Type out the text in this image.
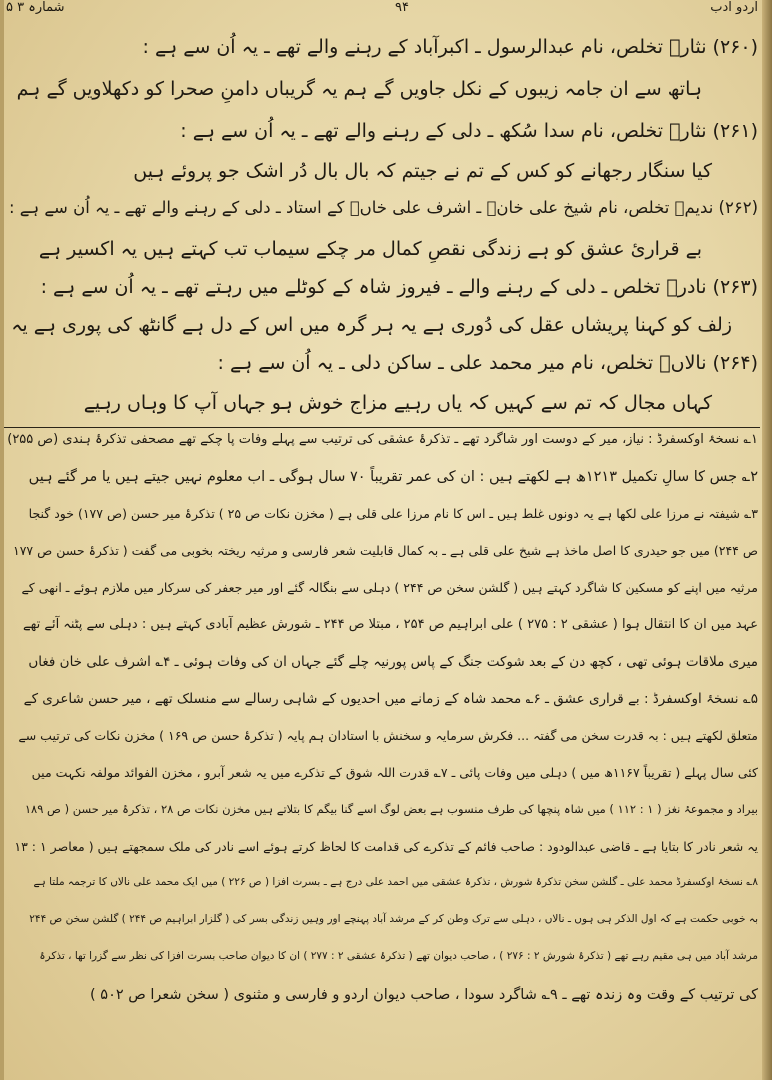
اُردو ادب
۹۴
شمارہ ۳ ۵
(۲۶۰) نثارؔ تخلص، نام عبدالرسول ـ اکبرآباد کے رہنے والے تھے ـ یہ اُن سے ہے :
ہاتھ سے ان جامہ زیبوں کے نکل جاویں گے ہم یہ گریباں دامنِ صحرا کو دکھلاویں گے ہم
(۲۶۱) نثارؔ تخلص، نام سدا سُکھ ـ دلی کے رہنے والے تھے ـ یہ اُن سے ہے :
کیا سنگار رجھانے کو کس کے تم نے جیتم کہ بال بال دُر اشک جو پروئے ہیں
(۲۶۲) ندیمؔ تخلص، نام شیخ علی خانؔ ـ اشرف علی خاںؔ کے استاد ـ دلی کے رہنے والے تھے ـ یہ اُن سے ہے :
بے قراریٔ عشق کو ہے زندگی نقصِ کمال مر چکے سیماب تب کہتے ہیں یہ اکسیر ہے
(۲۶۳) نادرؔ تخلص ـ دلی کے رہنے والے ـ فیروز شاہ کے کوٹلے میں رہتے تھے ـ یہ اُن سے ہے :
زلف کو کہنا پریشاں عقل کی دُوری ہے یہ ہر گرہ میں اس کے دل ہے گانٹھ کی پوری ہے یہ
(۲۶۴) نالاںؔ تخلص، نام میر محمد علی ـ ساکن دلی ـ یہ اُن سے ہے :
کہاں مجال کہ تم سے کہیں کہ یاں رہیے مزاج خوش ہو جہاں آپ کا وہاں رہیے
۱؎ نسخۂ اوکسفرڈ : نیاز، میر کے دوست اور شاگرد تھے ـ تذکرۂ عشقی کی ترتیب سے پہلے وفات پا چکے تھے مصحفی تذکرۂ ہندی (ص ۲۵۵)
۲؎ جس کا سالِ تکمیل ۱۲۱۳ھ ہے لکھتے ہیں : ان کی عمر تقریباً ۷۰ سال ہوگی ـ اب معلوم نہیں جیتے ہیں یا مر گئے ہیں
۳؎ شیفتہ نے مرزا علی لکھا ہے یہ دونوں غلط ہیں ـ اس کا نام مرزا علی قلی ہے ( مخزن نکات ص ۲۵ ) تذکرۂ میر حسن (ص ۱۷۷) خود گنجا
ص ۲۴۴) میں جو حیدری کا اصل ماخذ ہے شیخ علی قلی ہے ـ بہ کمال قابلیت شعر فارسی و مرثیہ ریختہ بخوبی می گفت ( تذکرۂ حسن ص ۱۷۷
مرثیہ میں اپنے کو مسکین کا شاگرد کہتے ہیں ( گلشن سخن ص ۲۴۴ ) دہلی سے بنگالہ گئے اور میر جعفر کی سرکار میں ملازم ہوئے ـ انھی کے
عہد میں ان کا انتقال ہوا ( عشقی ۲ : ۲۷۵ ) علی ابراہیم ص ۲۵۴ ، مبتلا ص ۲۴۴ ـ شورش عظیم آبادی کہتے ہیں : دہلی سے پٹنہ آئے تھے
میری ملاقات ہوئی تھی ، کچھ دن کے بعد شوکت جنگ کے پاس پورنیہ چلے گئے جہاں ان کی وفات ہوئی ـ ۴؎ اشرف علی خان فغاں
۵؎ نسخۂ اوکسفرڈ : بے قراری عشق ـ ۶؎ محمد شاہ کے زمانے میں احدیوں کے شاہی رسالے سے منسلک تھے ، میر حسن شاعری کے
متعلق لکھتے ہیں : بہ قدرت سخن می گفتہ ... فکرش سرمایہ و سخنش با استادان ہم پایہ ( تذکرۂ حسن ص ۱۶۹ ) مخزن نکات کی ترتیب سے
کئی سال پہلے ( تقریباً ۱۱۶۷ھ میں ) دہلی میں وفات پائی ـ ۷؎ قدرت اللہ شوق کے تذکرے میں یہ شعر آبرو ، مخزن الفوائد مولفہ نکہت میں
بیراد و مجموعۂ نغز ( ۱ : ۱۱۲ ) میں شاہ پنچھا کی طرف منسوب ہے بعض لوگ اسے گنا بیگم کا بتلاتے ہیں مخزن نکات ص ۲۸ ، تذکرۂ میر حسن ( ص ۱۸۹
یہ شعر نادر کا بتایا ہے ـ قاضی عبدالودود : صاحب فائم کے تذکرے کی قدامت کا لحاظ کرتے ہوئے اسے نادر کی ملک سمجھتے ہیں ( معاصر ۱ : ۱۳
۸؎ نسخۂ اوکسفرڈ محمد علی ـ گلشن سخن تذکرۂ شورش ، تذکرۂ عشقی میں احمد علی درج ہے ـ بسرت افزا ( ص ۲۲۶ ) میں ایک محمد علی نالاں کا ترجمہ ملتا ہے
بہ خوبی حکمت ہے کہ اول الذکر ہی ہوں ـ نالاں ، دہلی سے ترک وطن کر کے مرشد آباد پہنچے اور وہیں زندگی بسر کی ( گلزار ابراہیم ص ۲۴۴ ) گلشن سخن ص ۲۴۴
مرشد آباد میں ہی مقیم رہے تھے ( تذکرۂ شورش ۲ : ۲۷۶ ) ، صاحب دیوان تھے ( تذکرۂ عشقی ۲ : ۲۷۷ ) ان کا دیوان صاحب بسرت افزا کی نظر سے گزرا تھا ، تذکرۂ
کی ترتیب کے وقت وہ زندہ تھے ـ ۹؎ شاگرد سودا ، صاحب دیوان اردو و فارسی و مثنوی ( سخن شعرا ص ۵۰۲ )
